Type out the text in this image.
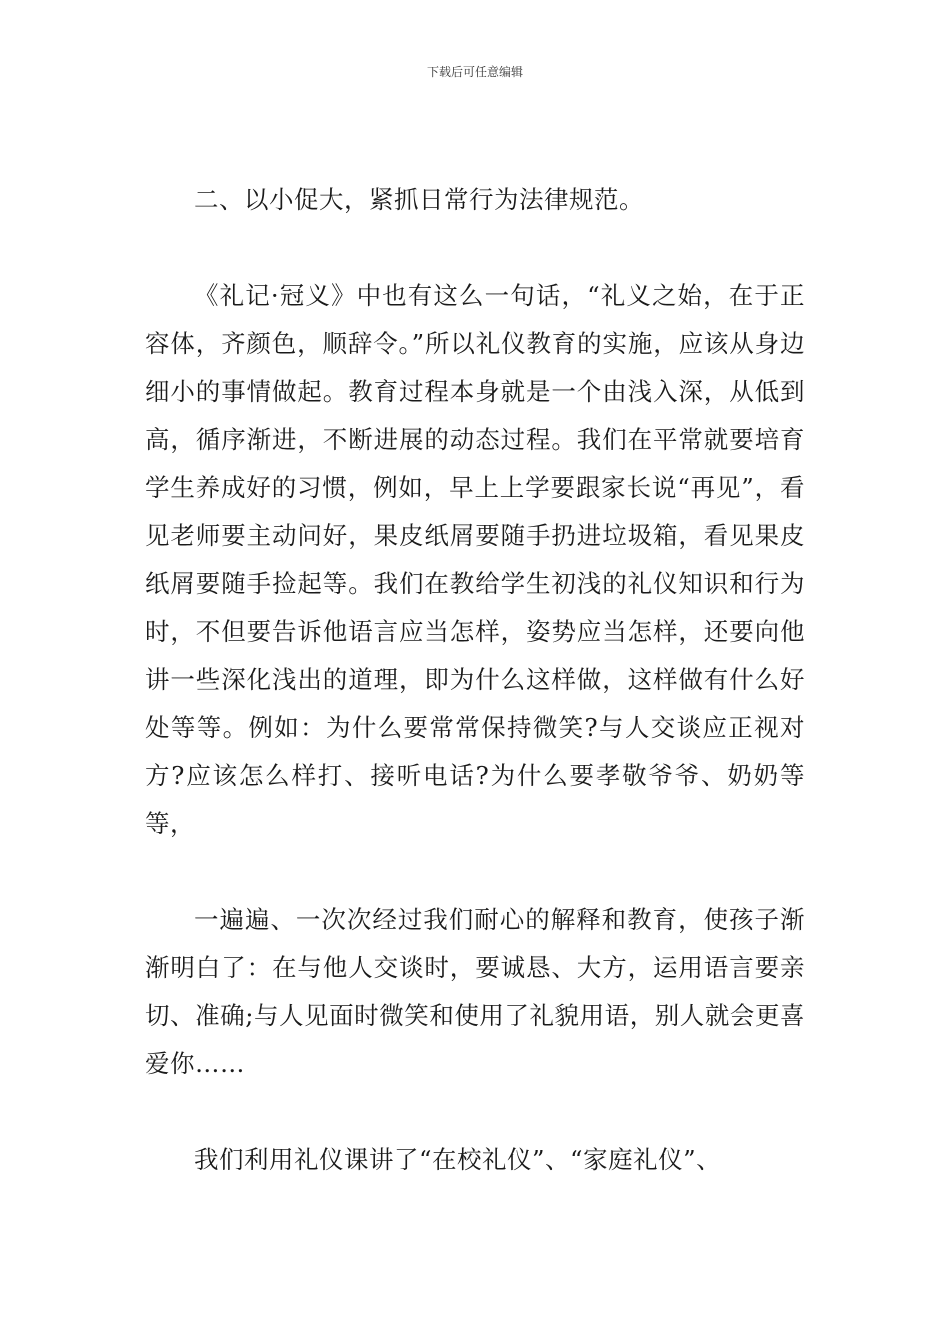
下载后可任意编辑

二、以小促大，紧抓日常行为法律规范。

《礼记·冠义》中也有这么一句话，“礼义之始，在于正容体，齐颜色，顺辞令。”所以礼仪教育的实施，应该从身边细小的事情做起。教育过程本身就是一个由浅入深，从低到高，循序渐进，不断进展的动态过程。我们在平常就要培育学生养成好的习惯，例如，早上上学要跟家长说“再见”，看见老师要主动问好，果皮纸屑要随手扔进垃圾箱，看见果皮纸屑要随手捡起等。我们在教给学生初浅的礼仪知识和行为时，不但要告诉他语言应当怎样，姿势应当怎样，还要向他讲一些深化浅出的道理，即为什么这样做，这样做有什么好处等等。例如：为什么要常常保持微笑?与人交谈应正视对方?应该怎么样打、接听电话?为什么要孝敬爷爷、奶奶等等，

一遍遍、一次次经过我们耐心的解释和教育，使孩子渐渐明白了：在与他人交谈时，要诚恳、大方，运用语言要亲切、准确;与人见面时微笑和使用了礼貌用语，别人就会更喜爱你……

我们利用礼仪课讲了“在校礼仪”、“家庭礼仪”、
